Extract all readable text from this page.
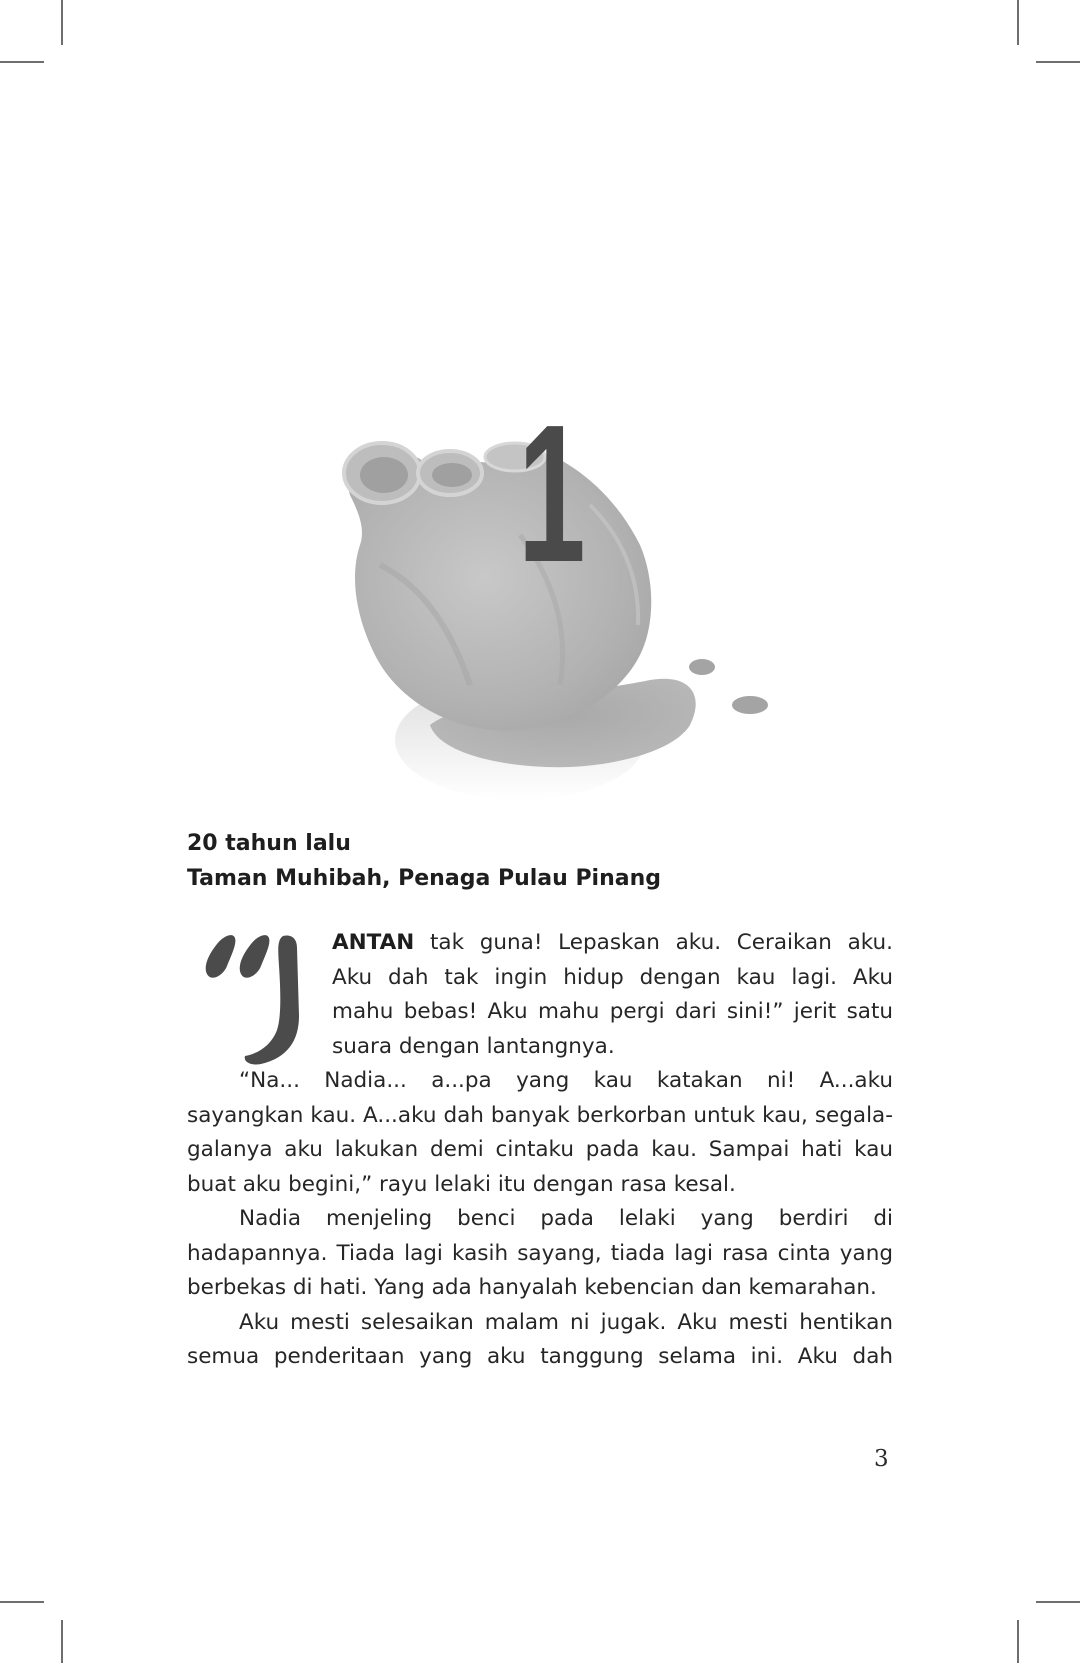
1
20 tahun lalu
Taman Muhibah, Penaga Pulau Pinang
ANTAN tak guna! Lepaskan aku. Ceraikan aku.
Aku dah tak ingin hidup dengan kau lagi. Aku
mahu bebas! Aku mahu pergi dari sini!” jerit satu
suara dengan lantangnya.

“Na... Nadia... a...pa yang kau katakan ni! A...aku sayangkan kau. A...aku dah banyak berkorban untuk kau, segala-galanya aku lakukan demi cintaku pada kau. Sampai hati kau buat aku begini,” rayu lelaki itu dengan rasa kesal.

Nadia menjeling benci pada lelaki yang berdiri di hadapannya. Tiada lagi kasih sayang, tiada lagi rasa cinta yang berbekas di hati. Yang ada hanyalah kebencian dan kemarahan.

Aku mesti selesaikan malam ni jugak. Aku mesti hentikan semua penderitaan yang aku tanggung selama ini. Aku dah

3
